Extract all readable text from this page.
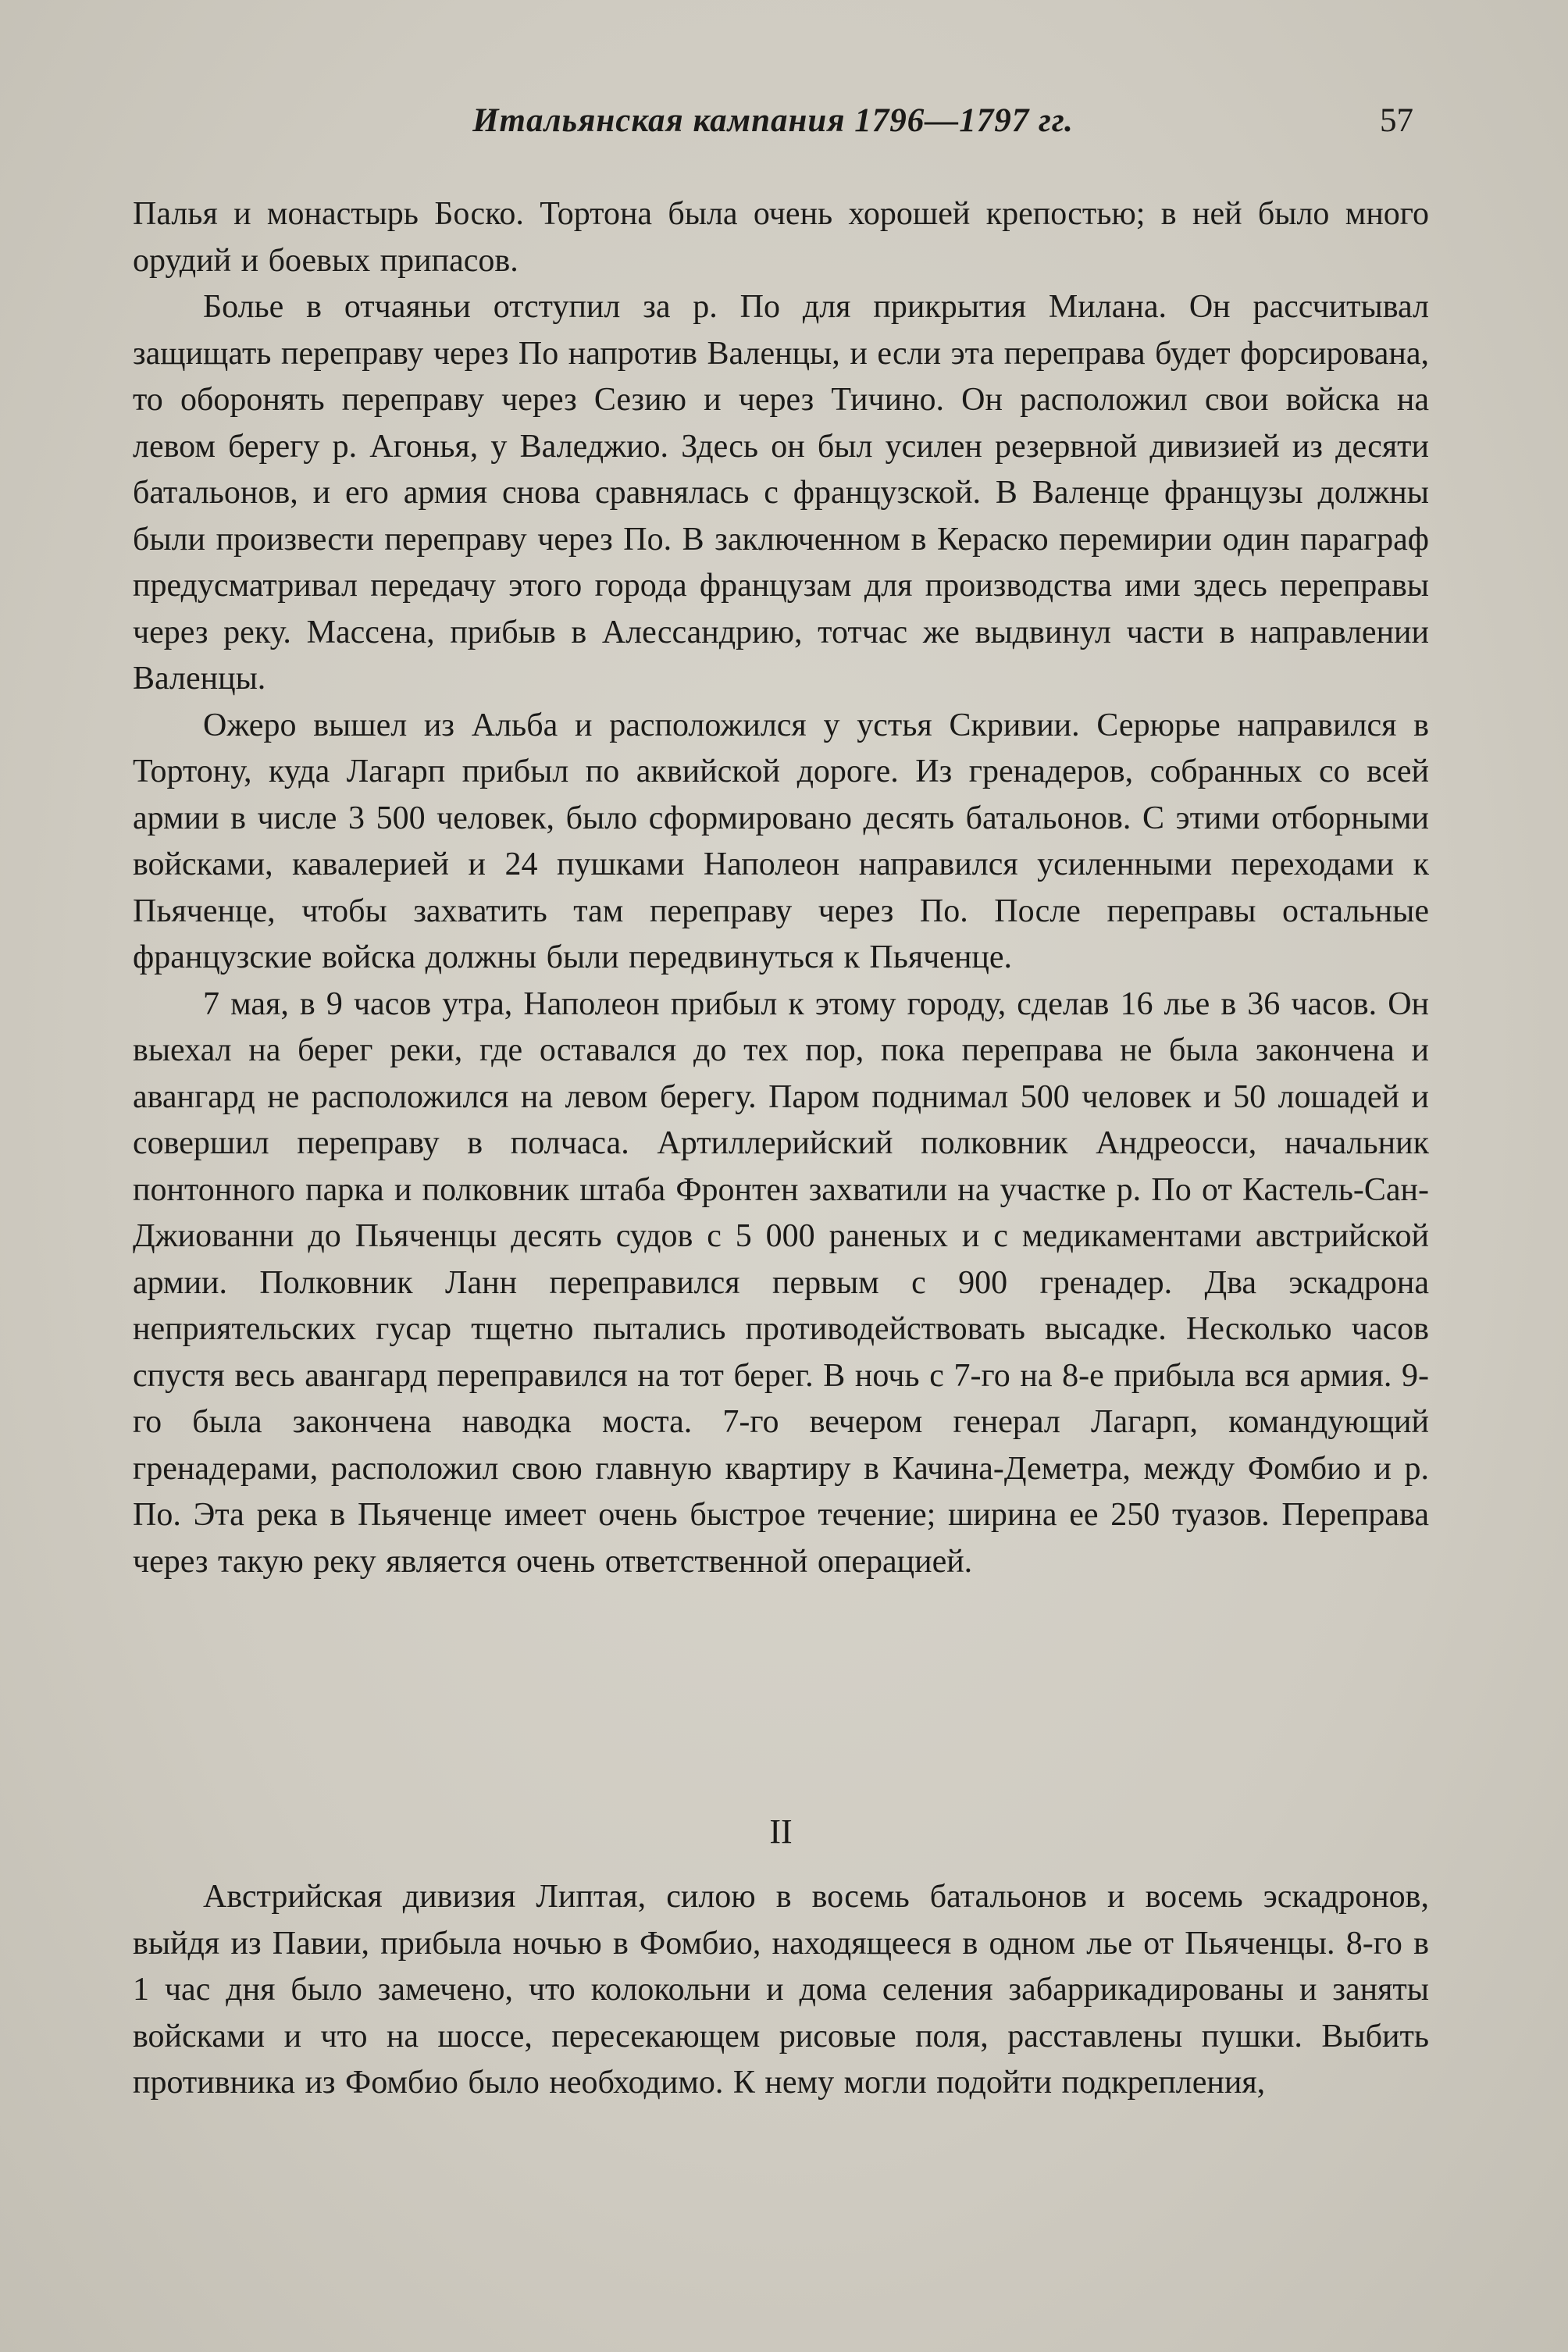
Итальянская кампания 1796—1797 гг.	57

Палья и монастырь Боско. Тортона была очень хорошей крепостью; в ней было много орудий и боевых припасов.

Больe в отчаяньи отступил за р. По для прикрытия Милана. Он рассчитывал защищать переправу через По напротив Валенцы, и если эта переправа будет форсирована, то оборонять переправу через Сезию и через Тичино. Он расположил свои войска на левом берегу р. Агонья, у Валеджио. Здесь он был усилен резервной дивизией из десяти батальонов, и его армия снова сравнялась с французской. В Валенце французы должны были произвести переправу через По. В заключенном в Кераско перемирии один параграф предусматривал передачу этого города французам для производства ими здесь переправы через реку. Массена, прибыв в Алессандрию, тотчас же выдвинул части в направлении Валенцы.

Ожеро вышел из Альба и расположился у устья Скривии. Серюрье направился в Тортону, куда Лагарп прибыл по аквийской дороге. Из гренадеров, собранных со всей армии в числе 3 500 человек, было сформировано десять батальонов. С этими отборными войсками, кавалерией и 24 пушками Наполеон направился усиленными переходами к Пьяченце, чтобы захватить там переправу через По. После переправы остальные французские войска должны были передвинуться к Пьяченце.

7 мая, в 9 часов утра, Наполеон прибыл к этому городу, сделав 16 лье в 36 часов. Он выехал на берег реки, где оставался до тех пор, пока переправа не была закончена и авангард не расположился на левом берегу. Паром поднимал 500 человек и 50 лошадей и совершил переправу в полчаса. Артиллерийский полковник Андреосси, начальник понтонного парка и полковник штаба Фронтен захватили на участке р. По от Кастель-Сан-Джиованни до Пьяченцы десять судов с 5 000 раненых и с медикаментами австрийской армии. Полковник Ланн переправился первым с 900 гренадер. Два эскадрона неприятельских гусар тщетно пытались противодействовать высадке. Несколько часов спустя весь авангард переправился на тот берег. В ночь с 7-го на 8-е прибыла вся армия. 9-го была закончена наводка моста. 7-го вечером генерал Лагарп, командующий гренадерами, расположил свою главную квартиру в Качина-Деметра, между Фомбио и р. По. Эта река в Пьяченце имеет очень быстрое течение; ширина ее 250 туазов. Переправа через такую реку является очень ответственной операцией.

II

Австрийская дивизия Липтая, силою в восемь батальонов и восемь эскадронов, выйдя из Павии, прибыла ночью в Фомбио, находящееся в одном лье от Пьяченцы. 8-го в 1 час дня было замечено, что колокольни и дома селения забаррикадированы и заняты войсками и что на шоссе, пересекающем рисовые поля, расставлены пушки. Выбить противника из Фомбио было необходимо. К нему могли подойти подкрепления,
